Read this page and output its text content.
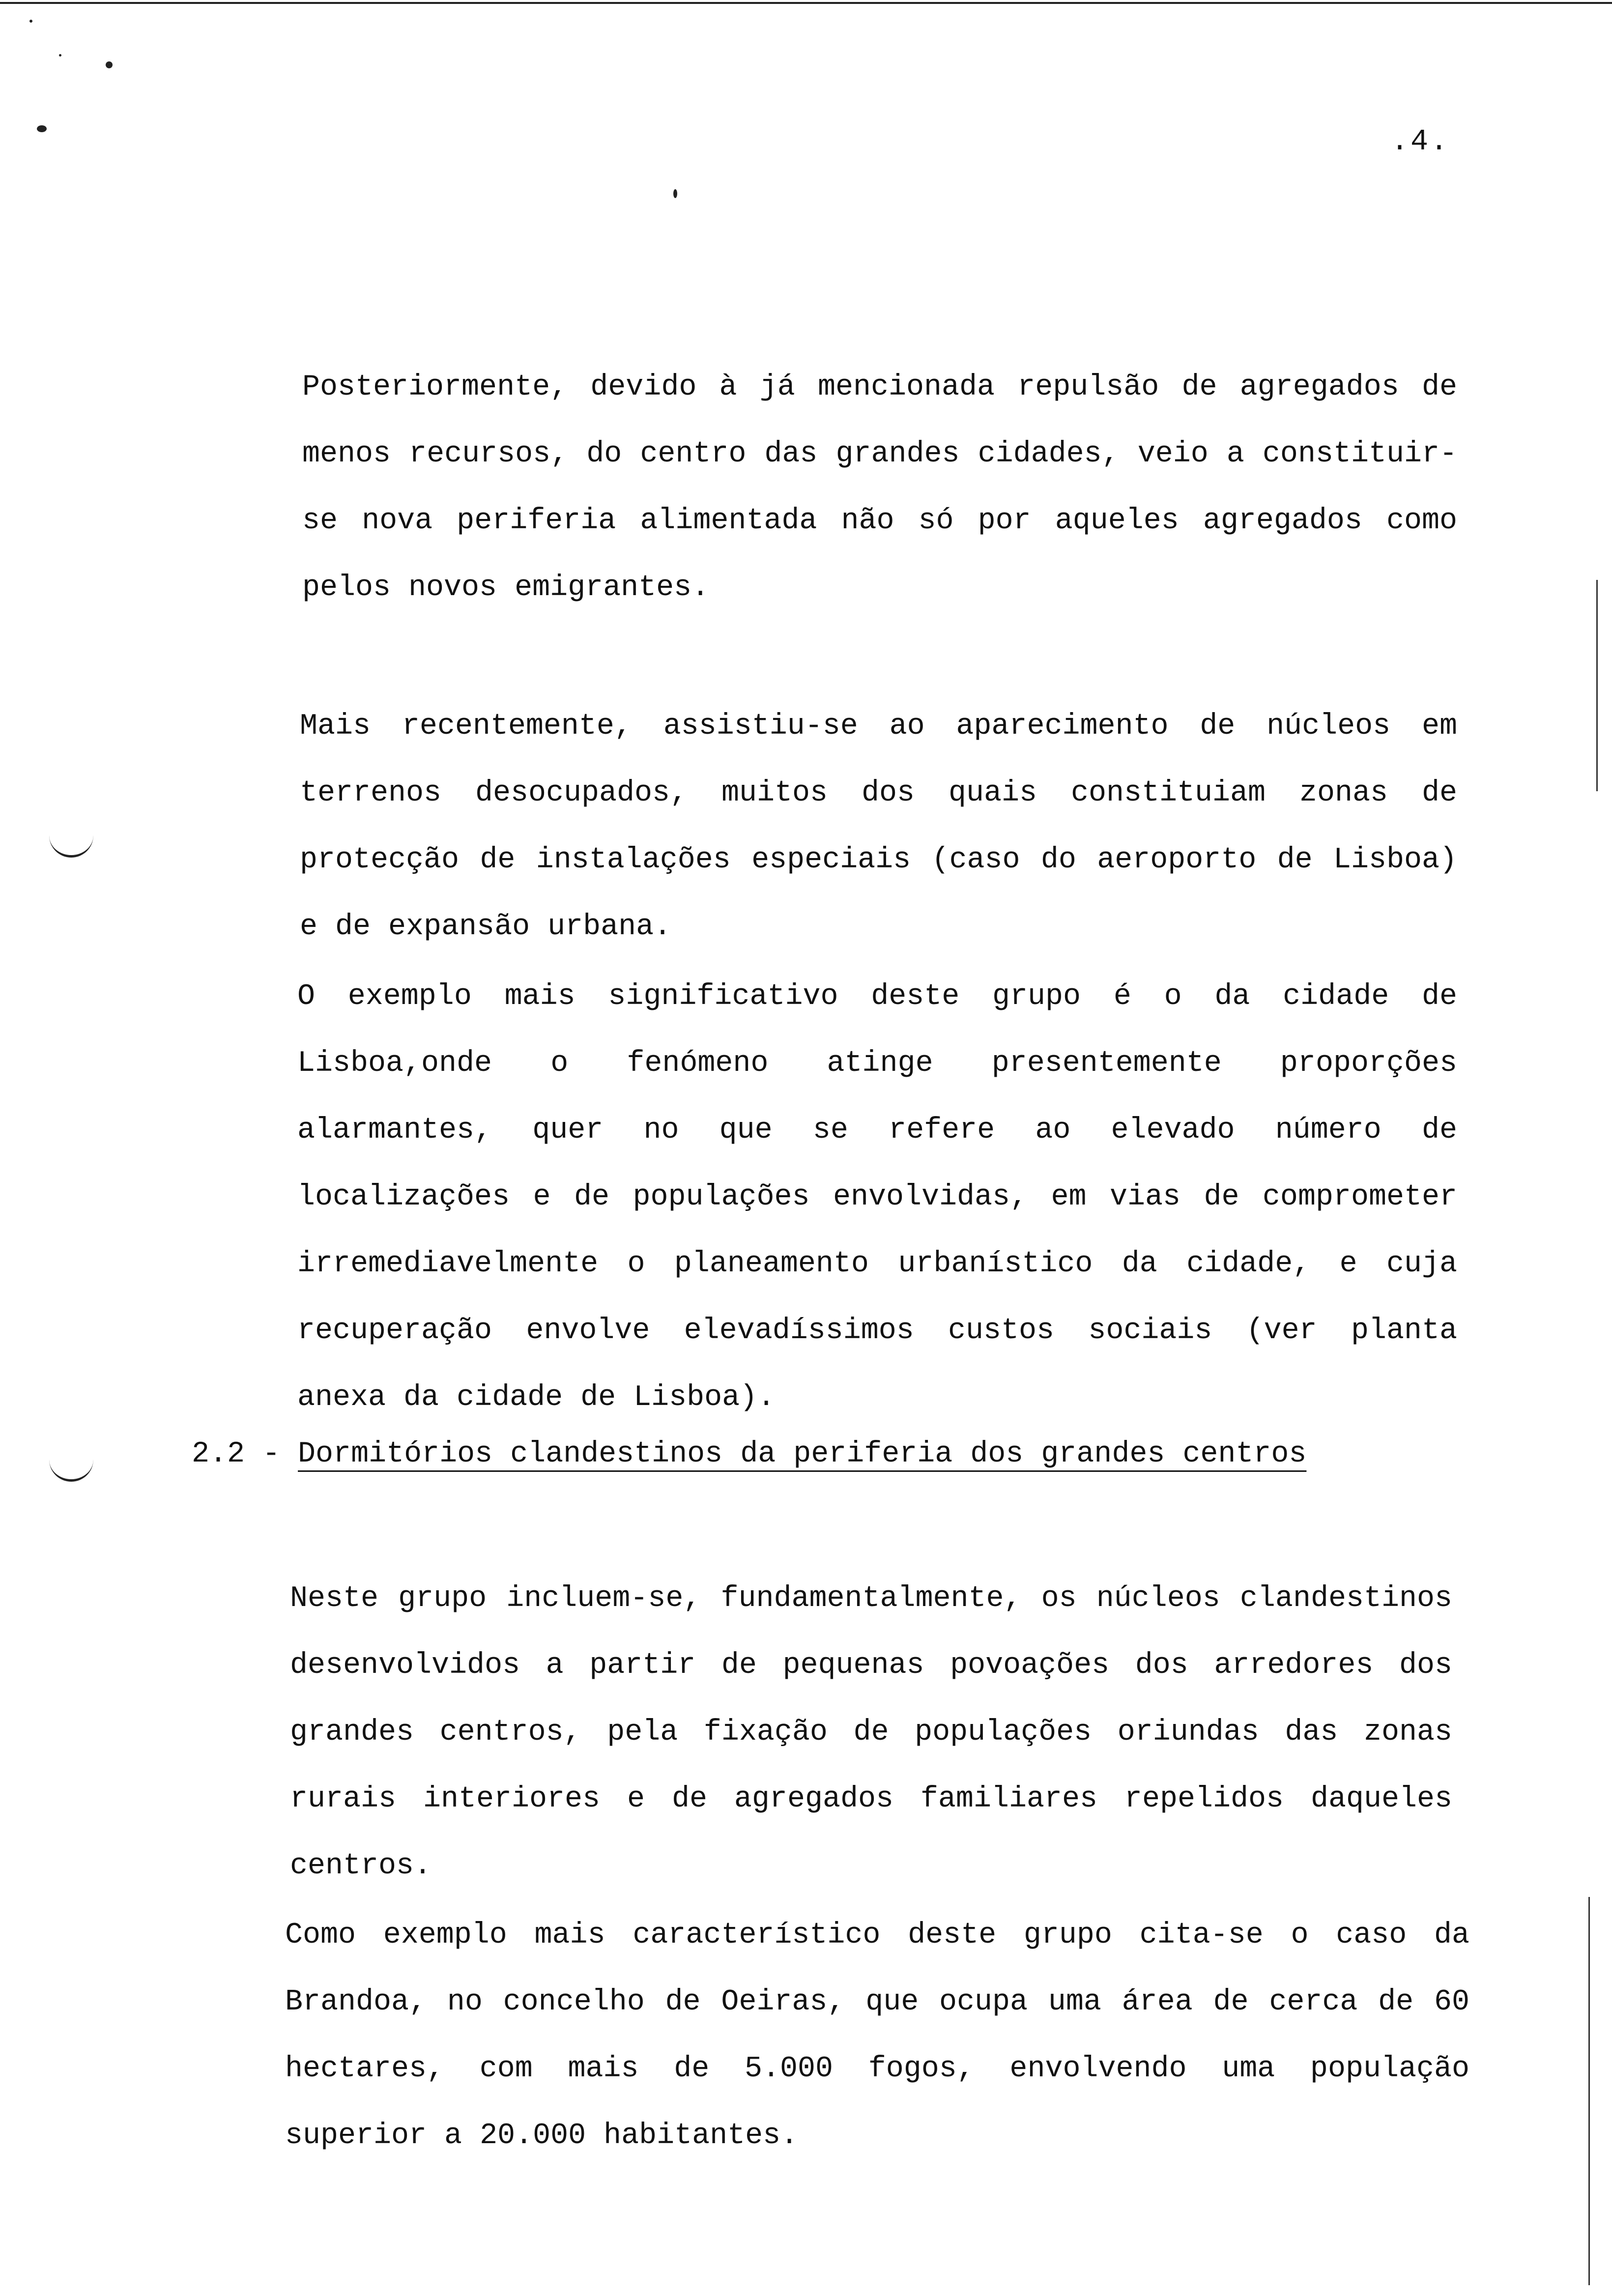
.4.

Posteriormente, devido à já mencionada repulsão de agregados de menos recursos, do centro das grandes cidades, veio a constituir-se nova periferia alimentada não só por aqueles agregados como pelos novos emigrantes.

Mais recentemente, assistiu-se ao aparecimento de núcleos em terrenos desocupados, muitos dos quais constituiam zonas de protecção de instalações especiais (caso do aeroporto de Lisboa) e de expansão urbana.

O exemplo mais significativo deste grupo é o da cidade de Lisboa,onde o fenómeno atinge presentemente proporções alarmantes, quer no que se refere ao elevado número de localizações e de populações envolvidas, em vias de comprometer irremediavelmente o planeamento urbanístico da cidade, e cuja recuperação envolve elevadíssimos custos sociais (ver planta anexa da cidade de Lisboa).

2.2 - Dormitórios clandestinos da periferia dos grandes centros

Neste grupo incluem-se, fundamentalmente, os núcleos clandestinos desenvolvidos a partir de pequenas povoações dos arredores dos grandes centros, pela fixação de populações oriundas das zonas rurais interiores e de agregados familiares repelidos daqueles centros.

Como exemplo mais característico deste grupo cita-se o caso da Brandoa, no concelho de Oeiras, que ocupa uma área de cerca de 60 hectares, com mais de 5.000 fogos, envolvendo uma população superior a 20.000 habitantes.
